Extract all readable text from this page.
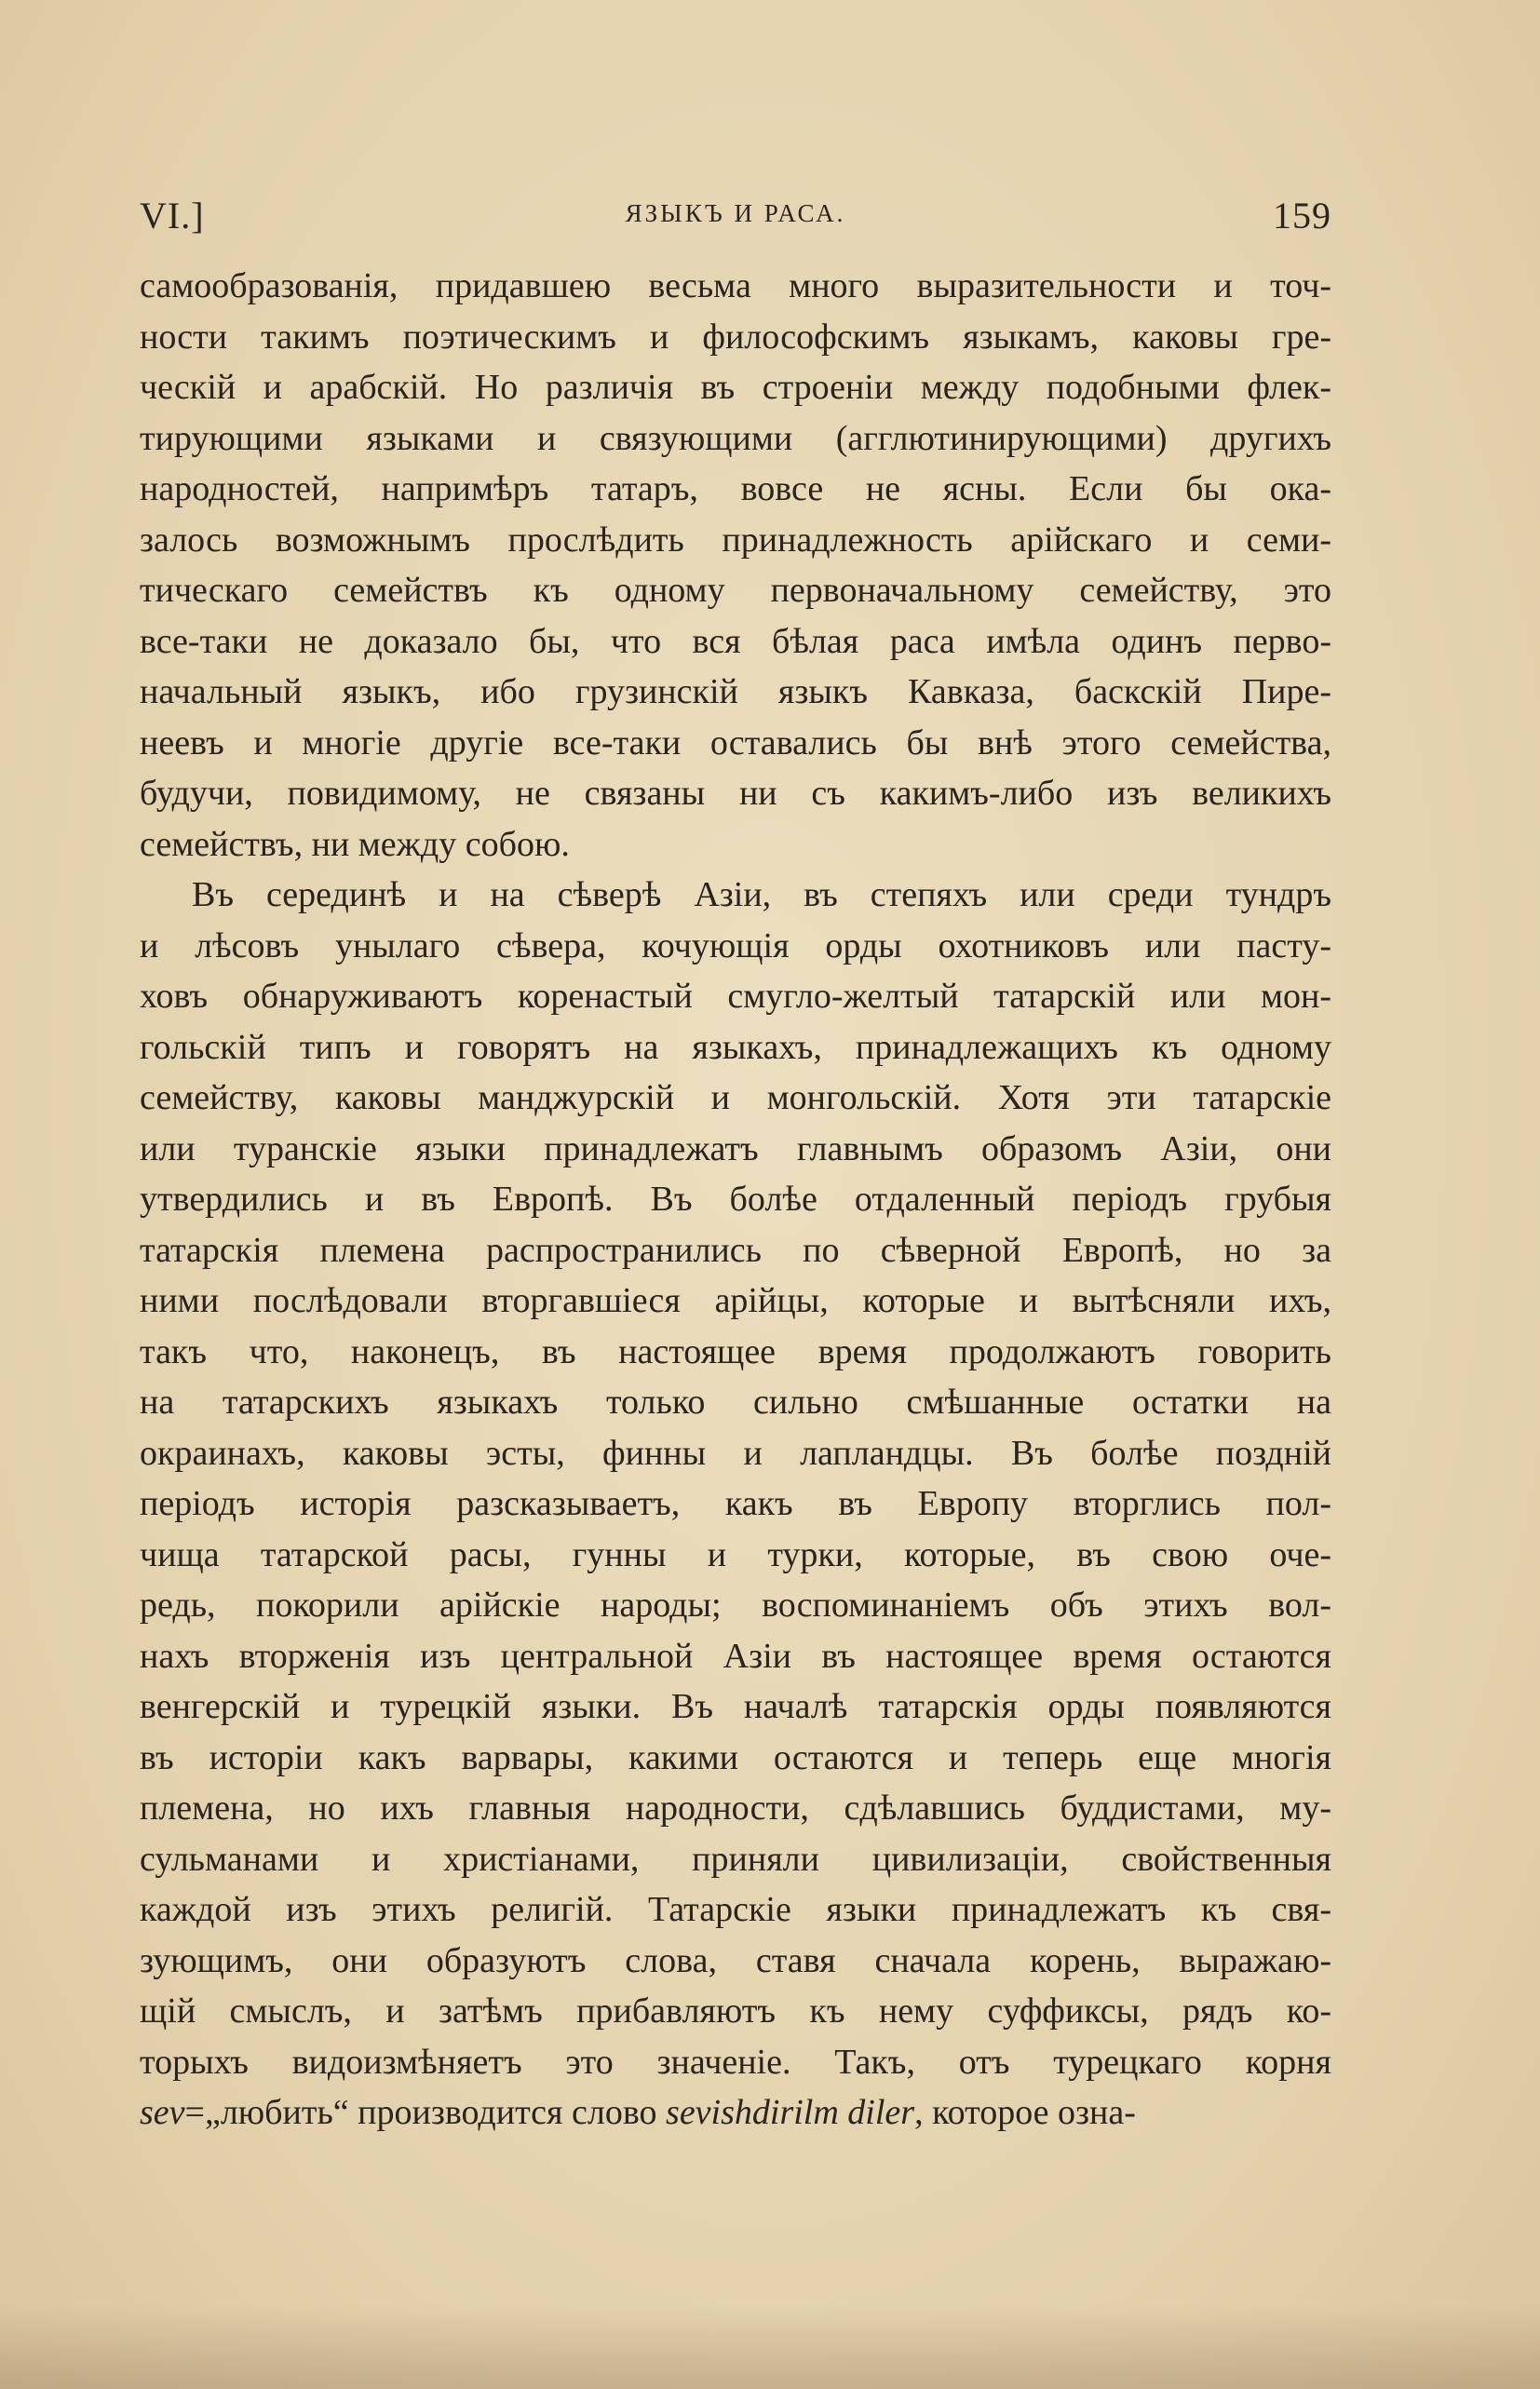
VI.]	ЯЗЫКЪ И РАСА.	159
самообразованія, придавшею весьма много выразительности и точ-
ности такимъ поэтическимъ и философскимъ языкамъ, каковы гре-
ческій и арабскій. Но различія въ строеніи между подобными флек-
тирующими языками и связующими (агглютинирующими) другихъ
народностей, напримѣръ татаръ, вовсе не ясны. Если бы ока-
залось возможнымъ прослѣдить принадлежность арійскаго и семи-
тическаго семействъ къ одному первоначальному семейству, это
все-таки не доказало бы, что вся бѣлая раса имѣла одинъ перво-
начальный языкъ, ибо грузинскій языкъ Кавказа, баскскій Пире-
неевъ и многіе другіе все-таки оставались бы внѣ этого семейства,
будучи, повидимому, не связаны ни съ какимъ-либо изъ великихъ
семействъ, ни между собою.
Въ серединѣ и на сѣверѣ Азіи, въ степяхъ или среди тундръ
и лѣсовъ унылаго сѣвера, кочующія орды охотниковъ или пасту-
ховъ обнаруживаютъ коренастый смугло-желтый татарскій или мон-
гольскій типъ и говорятъ на языкахъ, принадлежащихъ къ одному
семейству, каковы манджурскій и монгольскій. Хотя эти татарскіе
или туранскіе языки принадлежатъ главнымъ образомъ Азіи, они
утвердились и въ Европѣ. Въ болѣе отдаленный періодъ грубыя
татарскія племена распространились по сѣверной Европѣ, но за
ними послѣдовали вторгавшіеся арійцы, которые и вытѣсняли ихъ,
такъ что, наконецъ, въ настоящее время продолжаютъ говорить
на татарскихъ языкахъ только сильно смѣшанные остатки на
окраинахъ, каковы эсты, финны и лапландцы. Въ болѣе поздній
періодъ исторія разсказываетъ, какъ въ Европу вторглись пол-
чища татарской расы, гунны и турки, которые, въ свою оче-
редь, покорили арійскіе народы; воспоминаніемъ объ этихъ вол-
нахъ вторженія изъ центральной Азіи въ настоящее время остаются
венгерскій и турецкій языки. Въ началѣ татарскія орды появляются
въ исторіи какъ варвары, какими остаются и теперь еще многія
племена, но ихъ главныя народности, сдѣлавшись буддистами, му-
сульманами и христіанами, приняли цивилизаціи, свойственныя
каждой изъ этихъ религій. Татарскіе языки принадлежатъ къ свя-
зующимъ, они образуютъ слова, ставя сначала корень, выражаю-
щій смыслъ, и затѣмъ прибавляютъ къ нему суффиксы, рядъ ко-
торыхъ видоизмѣняетъ это значеніе. Такъ, отъ турецкаго корня
sev=„любить“ производится слово sevishdirilm diler, которое озна-
